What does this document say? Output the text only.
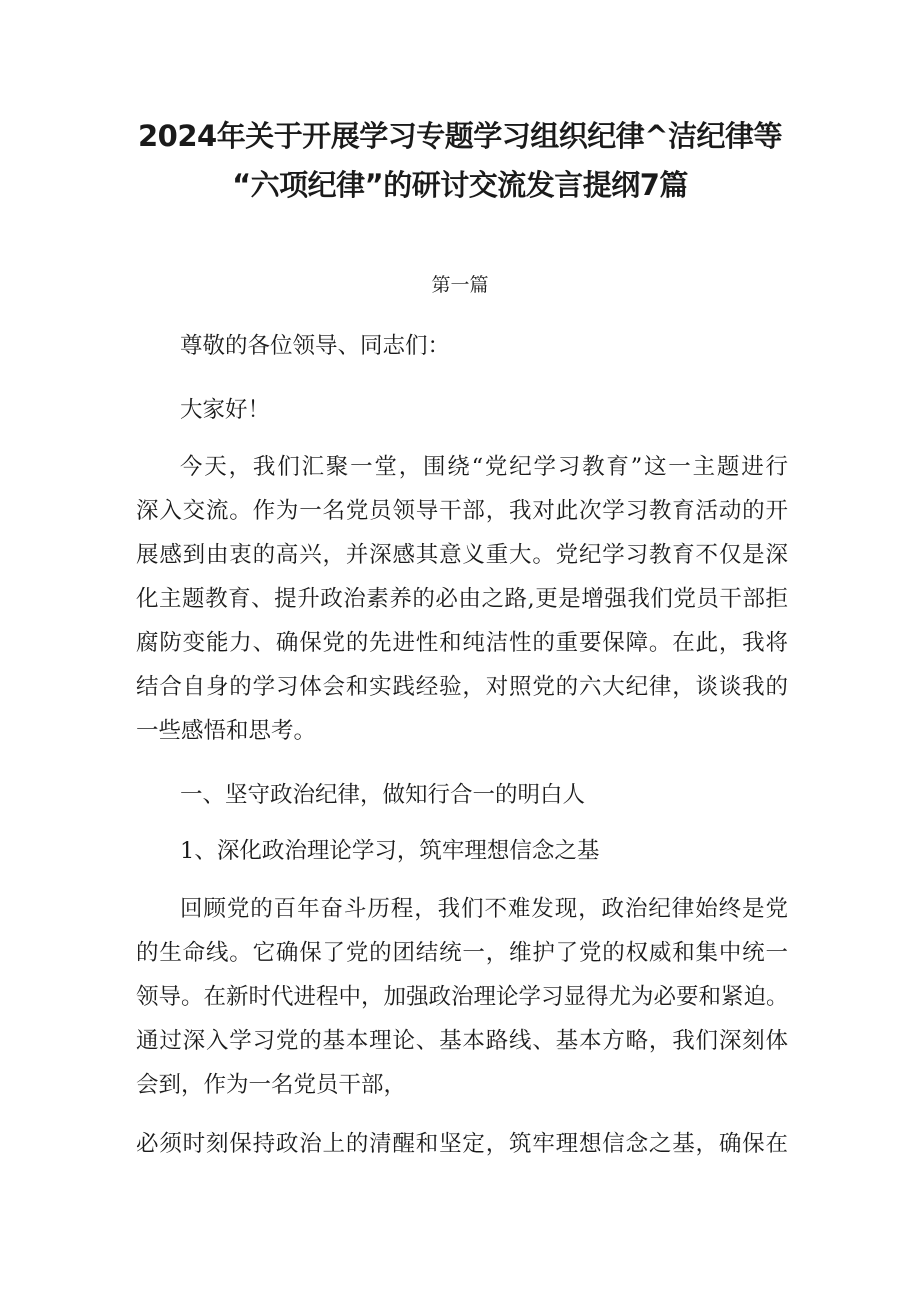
2024年关于开展学习专题学习组织纪律^洁纪律等
“六项纪律”的研讨交流发言提纲7篇
第一篇
尊敬的各位领导、同志们：
大家好！
今天，我们汇聚一堂，围绕“党纪学习教育”这一主题进行
深入交流。作为一名党员领导干部，我对此次学习教育活动的开
展感到由衷的高兴，并深感其意义重大。党纪学习教育不仅是深
化主题教育、提升政治素养的必由之路,更是增强我们党员干部拒
腐防变能力、确保党的先进性和纯洁性的重要保障。在此，我将
结合自身的学习体会和实践经验，对照党的六大纪律，谈谈我的
一些感悟和思考。
一、坚守政治纪律，做知行合一的明白人
1、深化政治理论学习，筑牢理想信念之基
回顾党的百年奋斗历程，我们不难发现，政治纪律始终是党
的生命线。它确保了党的团结统一，维护了党的权威和集中统一
领导。在新时代进程中，加强政治理论学习显得尤为必要和紧迫。
通过深入学习党的基本理论、基本路线、基本方略，我们深刻体
会到，作为一名党员干部，
必须时刻保持政治上的清醒和坚定，筑牢理想信念之基，确保在
